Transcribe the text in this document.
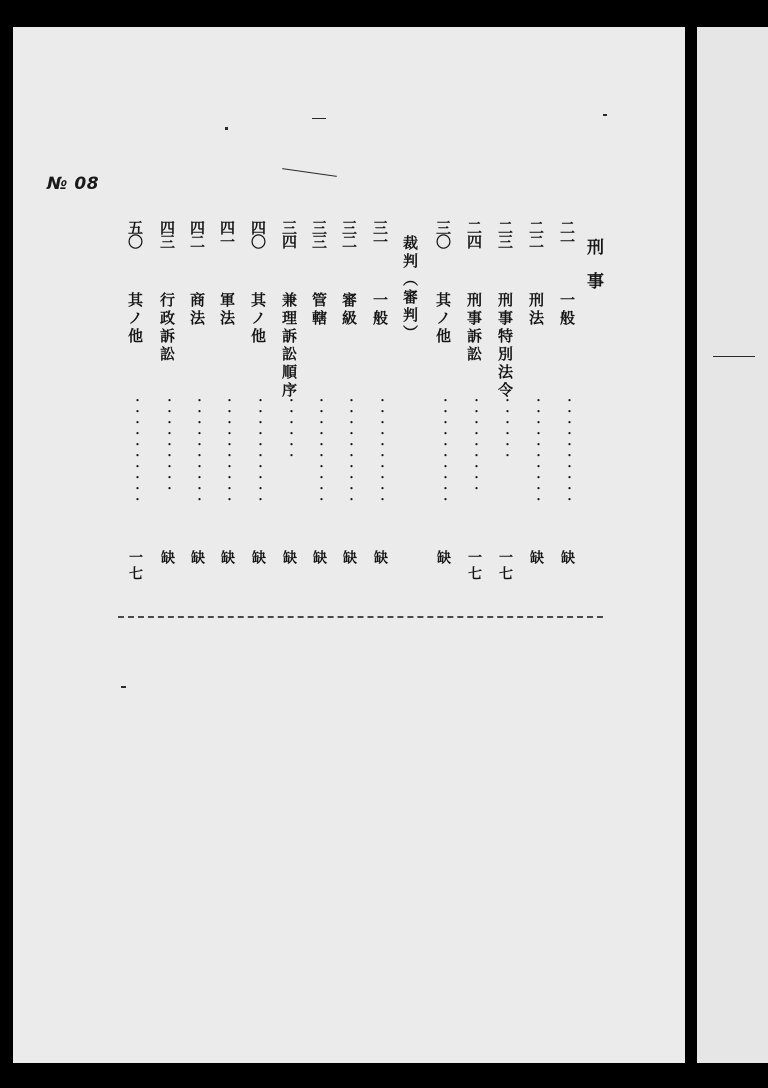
№ 08
刑　事
二一
一般
・・・・・・・・・・
缺
二二
刑法
・・・・・・・・・・
缺
二三
刑事特別法令
・・・・・・
一七
二四
刑事訴訟
・・・・・・・・・
一七
三〇
其ノ他
・・・・・・・・・・
缺
裁判（審判）
三一
一般
・・・・・・・・・・
缺
三二
審級
・・・・・・・・・・
缺
三三
管轄
・・・・・・・・・・
缺
三四
兼理訴訟順序
・・・・・・
缺
四〇
其ノ他
・・・・・・・・・・
缺
四一
軍法
・・・・・・・・・・
缺
四二
商法
・・・・・・・・・・
缺
四三
行政訴訟
・・・・・・・・・
缺
五〇
其ノ他
・・・・・・・・・・
一七
